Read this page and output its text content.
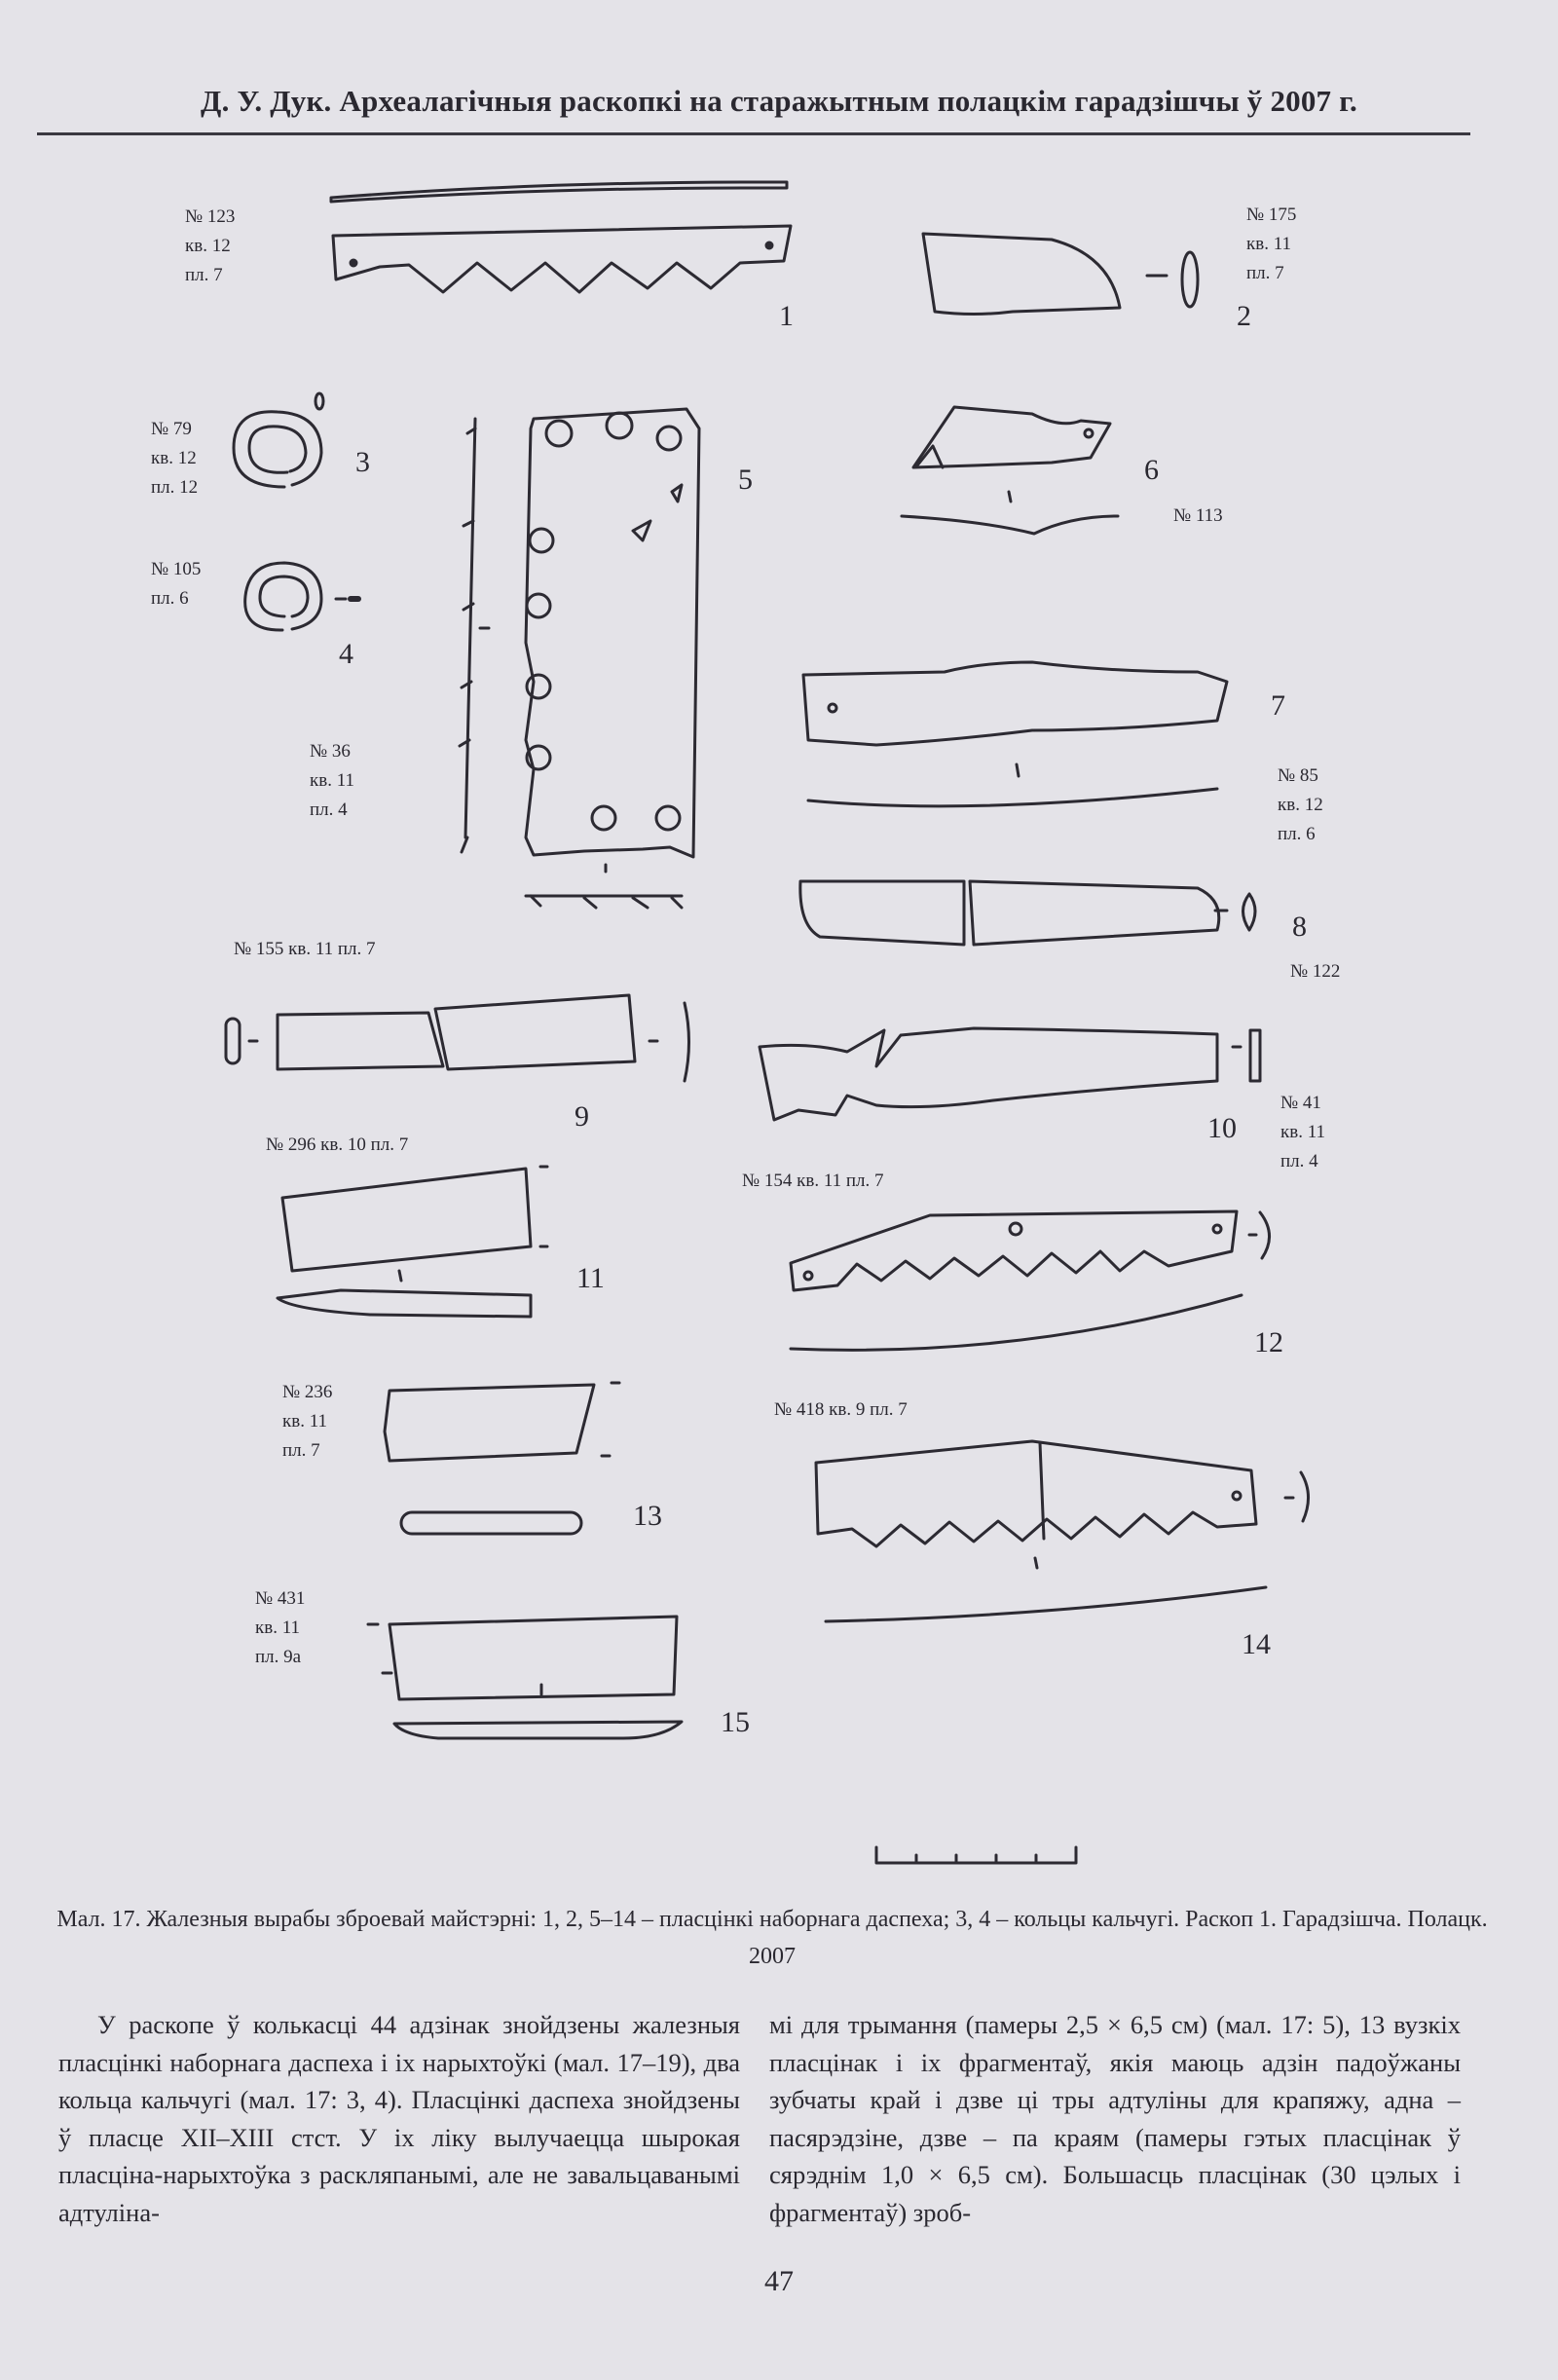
Д. У. Дук. Археалагічныя раскопкі на старажытным полацкім гарадзішчы ў 2007 г.
№ 123
кв. 12
пл. 7
№ 175
кв. 11
пл. 7
№ 79
кв. 12
пл. 12
№ 105
пл. 6
№ 113
№ 36
кв. 11
пл. 4
№ 85
кв. 12
пл. 6
№ 155 кв. 11 пл. 7
№ 122
№ 41
кв. 11
пл. 4
№ 296 кв. 10 пл. 7
№ 154 кв. 11 пл. 7
№ 236
кв. 11
пл. 7
№ 418 кв. 9 пл. 7
№ 431
кв. 11
пл. 9а
1	2
3
4
5	6
7
8
9	10
11
12
13
14
15
Мал. 17. Жалезныя вырабы зброевай майстэрні: 1, 2, 5–14 – пласцінкі наборнага даспеха; 3, 4 – кольцы кальчугі. Раскоп 1. Гарадзішча. Полацк. 2007

У раскопе ў колькасці 44 адзінак знойдзены жалезныя пласцінкі наборнага даспеха і іх нарыхтоўкі (мал. 17–19), два кольца кальчугі (мал. 17: 3, 4). Пласцінкі даспеха знойдзены ў пласце XII–XIII стст. У іх ліку вылучаецца шырокая пласціна-нарыхтоўка з раскляпанымі, але не завальцаванымі адтуліна-

мі для трымання (памеры 2,5 × 6,5 см) (мал. 17: 5), 13 вузкіх пласцінак і іх фрагментаў, якія маюць адзін падоўжаны зубчаты край і дзве ці тры адтуліны для крапяжу, адна – пасярэдзіне, дзве – па краям (памеры гэтых пласцінак ў сярэднім 1,0 × 6,5 см). Большасць пласцінак (30 цэлых і фрагментаў) зроб-

47
